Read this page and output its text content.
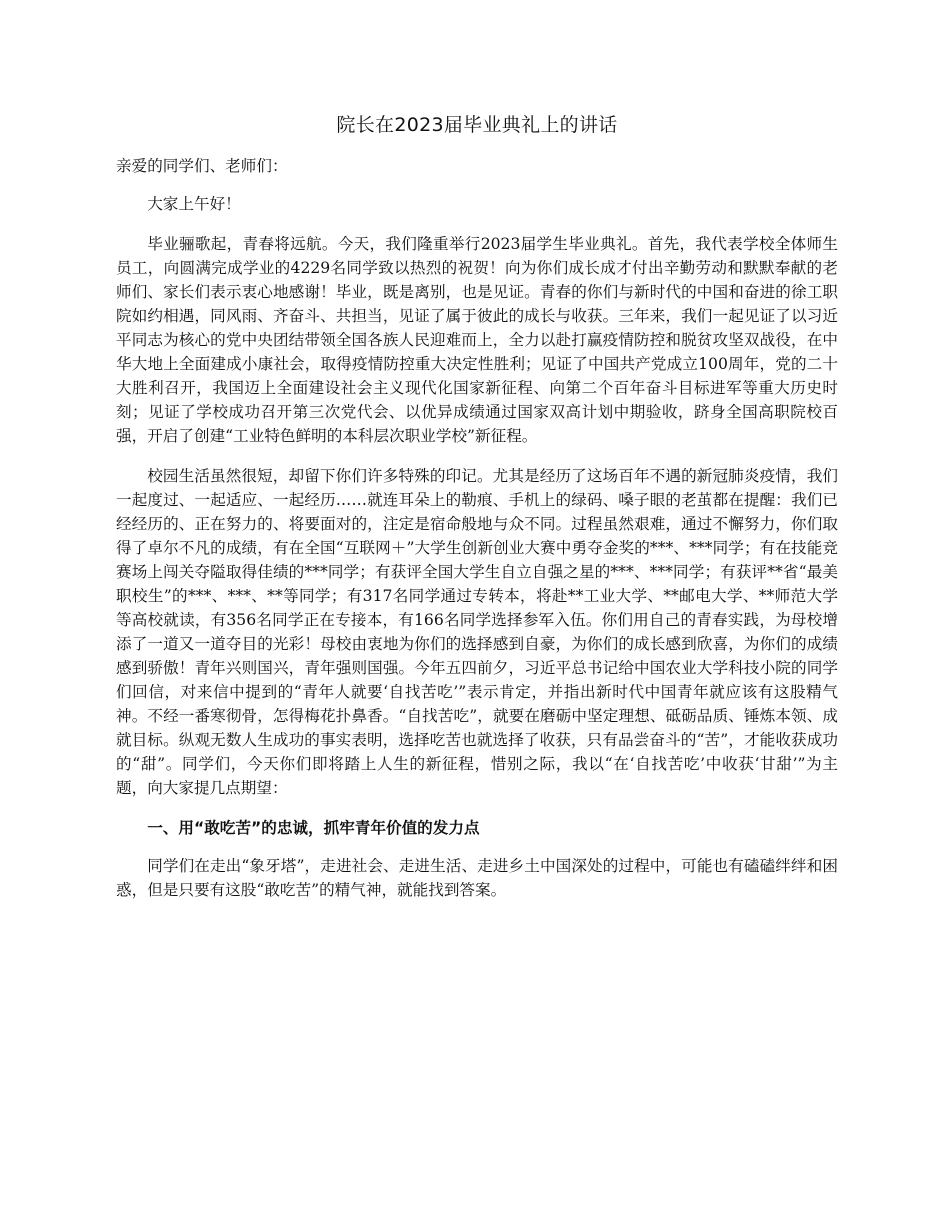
院长在2023届毕业典礼上的讲话

亲爱的同学们、老师们：

大家上午好！

毕业骊歌起，青春将远航。今天，我们隆重举行2023届学生毕业典礼。首先，我代表学校全体师生员工，向圆满完成学业的4229名同学致以热烈的祝贺！向为你们成长成才付出辛勤劳动和默默奉献的老师们、家长们表示衷心地感谢！毕业，既是离别，也是见证。青春的你们与新时代的中国和奋进的徐工职院如约相遇，同风雨、齐奋斗、共担当，见证了属于彼此的成长与收获。三年来，我们一起见证了以习近平同志为核心的党中央团结带领全国各族人民迎难而上，全力以赴打赢疫情防控和脱贫攻坚双战役，在中华大地上全面建成小康社会，取得疫情防控重大决定性胜利；见证了中国共产党成立100周年，党的二十大胜利召开，我国迈上全面建设社会主义现代化国家新征程、向第二个百年奋斗目标进军等重大历史时刻；见证了学校成功召开第三次党代会、以优异成绩通过国家双高计划中期验收，跻身全国高职院校百强，开启了创建“工业特色鲜明的本科层次职业学校”新征程。

校园生活虽然很短，却留下你们许多特殊的印记。尤其是经历了这场百年不遇的新冠肺炎疫情，我们一起度过、一起适应、一起经历……就连耳朵上的勒痕、手机上的绿码、嗓子眼的老茧都在提醒：我们已经经历的、正在努力的、将要面对的，注定是宿命般地与众不同。过程虽然艰难，通过不懈努力，你们取得了卓尔不凡的成绩，有在全国“互联网＋”大学生创新创业大赛中勇夺金奖的***、***同学；有在技能竞赛场上闯关夺隘取得佳绩的***同学；有获评全国大学生自立自强之星的***、***同学；有获评**省“最美职校生”的***、***、**等同学；有317名同学通过专转本，将赴**工业大学、**邮电大学、**师范大学等高校就读，有356名同学正在专接本，有166名同学选择参军入伍。你们用自己的青春实践，为母校增添了一道又一道夺目的光彩！母校由衷地为你们的选择感到自豪，为你们的成长感到欣喜，为你们的成绩感到骄傲！青年兴则国兴，青年强则国强。今年五四前夕，习近平总书记给中国农业大学科技小院的同学们回信，对来信中提到的“青年人就要‘自找苦吃’”表示肯定，并指出新时代中国青年就应该有这股精气神。不经一番寒彻骨，怎得梅花扑鼻香。“自找苦吃”，就要在磨砺中坚定理想、砥砺品质、锤炼本领、成就目标。纵观无数人生成功的事实表明，选择吃苦也就选择了收获，只有品尝奋斗的“苦”，才能收获成功的“甜”。同学们，今天你们即将踏上人生的新征程，惜别之际，我以“在‘自找苦吃’中收获‘甘甜’”为主题，向大家提几点期望：

一、用“敢吃苦”的忠诚，抓牢青年价值的发力点

同学们在走出“象牙塔”，走进社会、走进生活、走进乡土中国深处的过程中，可能也有磕磕绊绊和困惑，但是只要有这股“敢吃苦”的精气神，就能找到答案。
